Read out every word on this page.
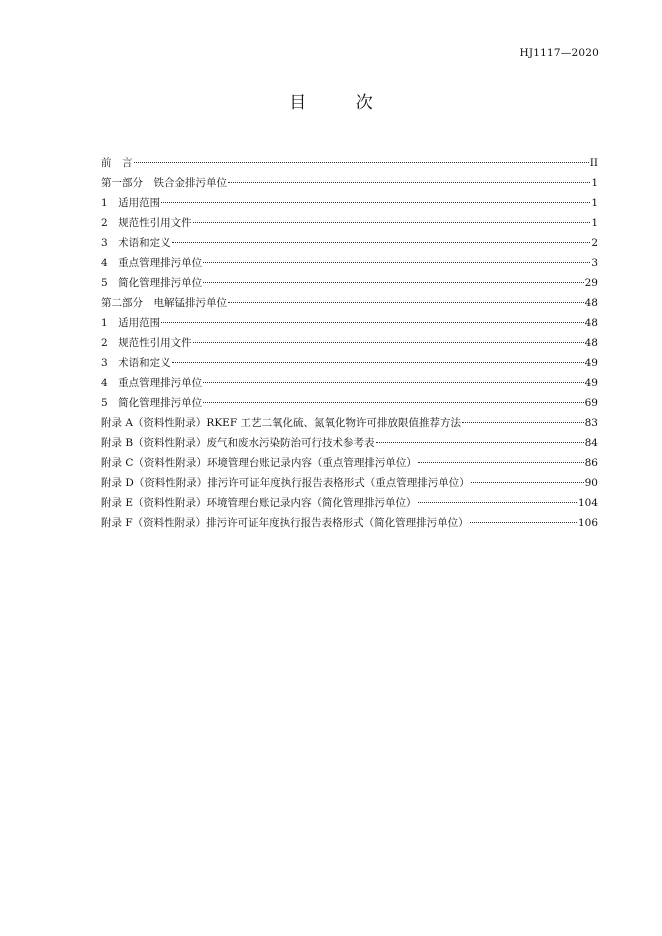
HJ1117—2020
目 次
前　言	II
第一部分　铁合金排污单位	1
1　适用范围	1
2　规范性引用文件	1
3　术语和定义	2
4　重点管理排污单位	3
5　简化管理排污单位	29
第二部分　电解锰排污单位	48
1　适用范围	48
2　规范性引用文件	48
3　术语和定义	49
4　重点管理排污单位	49
5　简化管理排污单位	69
附录 A（资料性附录）RKEF 工艺二氧化硫、氮氧化物许可排放限值推荐方法	83
附录 B（资料性附录）废气和废水污染防治可行技术参考表	84
附录 C（资料性附录）环境管理台账记录内容（重点管理排污单位）	86
附录 D（资料性附录）排污许可证年度执行报告表格形式（重点管理排污单位）	90
附录 E（资料性附录）环境管理台账记录内容（简化管理排污单位）	104
附录 F（资料性附录）排污许可证年度执行报告表格形式（简化管理排污单位）	106
